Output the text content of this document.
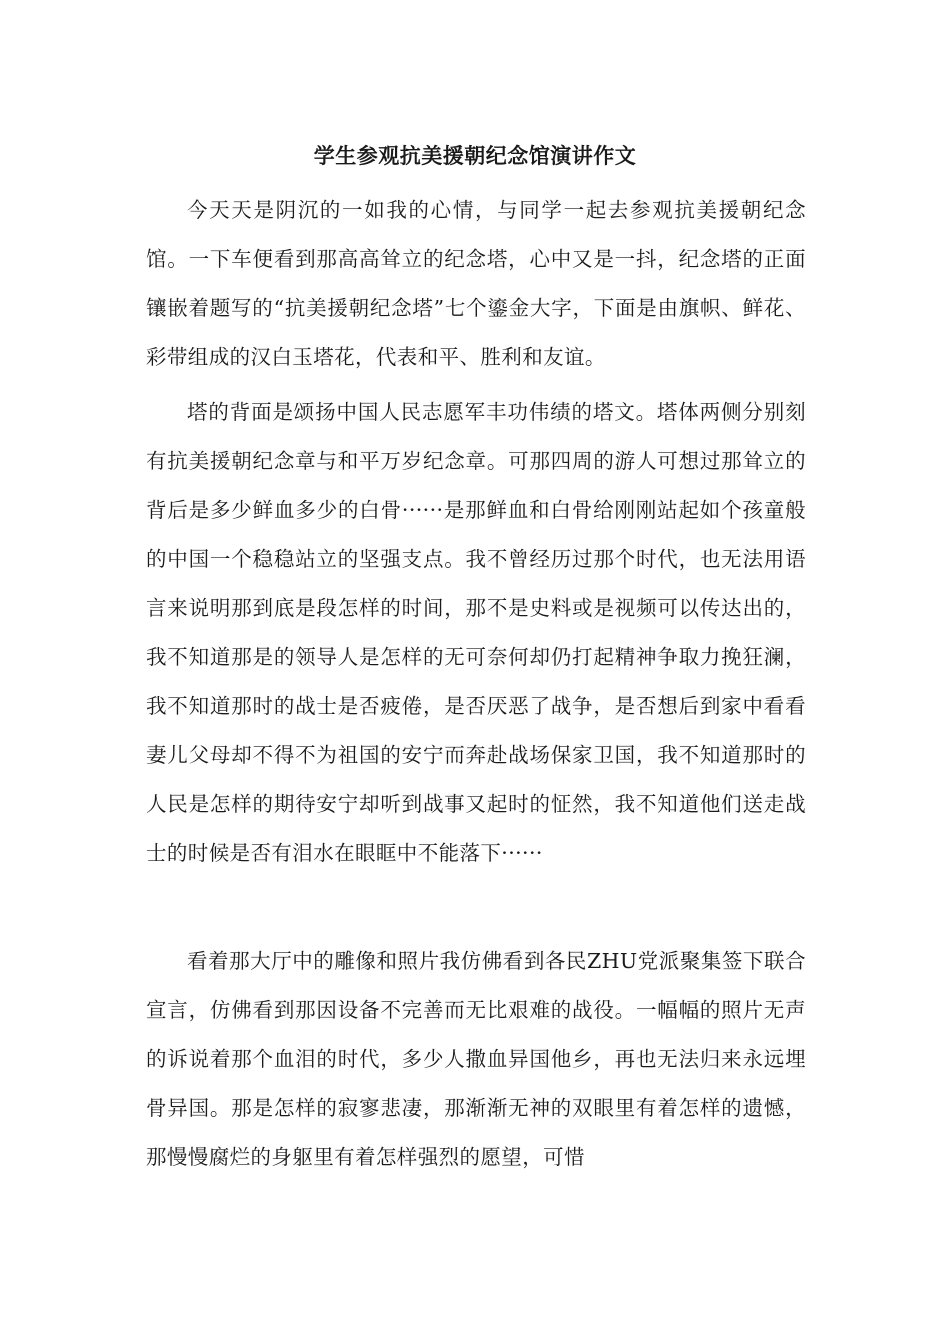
学生参观抗美援朝纪念馆演讲作文

今天天是阴沉的一如我的心情，与同学一起去参观抗美援朝纪念馆。一下车便看到那高高耸立的纪念塔，心中又是一抖，纪念塔的正面镶嵌着题写的“抗美援朝纪念塔”七个鎏金大字，下面是由旗帜、鲜花、彩带组成的汉白玉塔花，代表和平、胜利和友谊。

塔的背面是颂扬中国人民志愿军丰功伟绩的塔文。塔体两侧分别刻有抗美援朝纪念章与和平万岁纪念章。可那四周的游人可想过那耸立的背后是多少鲜血多少的白骨······是那鲜血和白骨给刚刚站起如个孩童般的中国一个稳稳站立的坚强支点。我不曾经历过那个时代，也无法用语言来说明那到底是段怎样的时间，那不是史料或是视频可以传达出的，我不知道那是的领导人是怎样的无可奈何却仍打起精神争取力挽狂澜，我不知道那时的战士是否疲倦，是否厌恶了战争，是否想后到家中看看妻儿父母却不得不为祖国的安宁而奔赴战场保家卫国，我不知道那时的人民是怎样的期待安宁却听到战事又起时的怔然，我不知道他们送走战士的时候是否有泪水在眼眶中不能落下······

看着那大厅中的雕像和照片我仿佛看到各民ZHU党派聚集签下联合宣言，仿佛看到那因设备不完善而无比艰难的战役。一幅幅的照片无声的诉说着那个血泪的时代，多少人撒血异国他乡，再也无法归来永远埋骨异国。那是怎样的寂寥悲凄，那渐渐无神的双眼里有着怎样的遗憾，那慢慢腐烂的身躯里有着怎样强烈的愿望，可惜
